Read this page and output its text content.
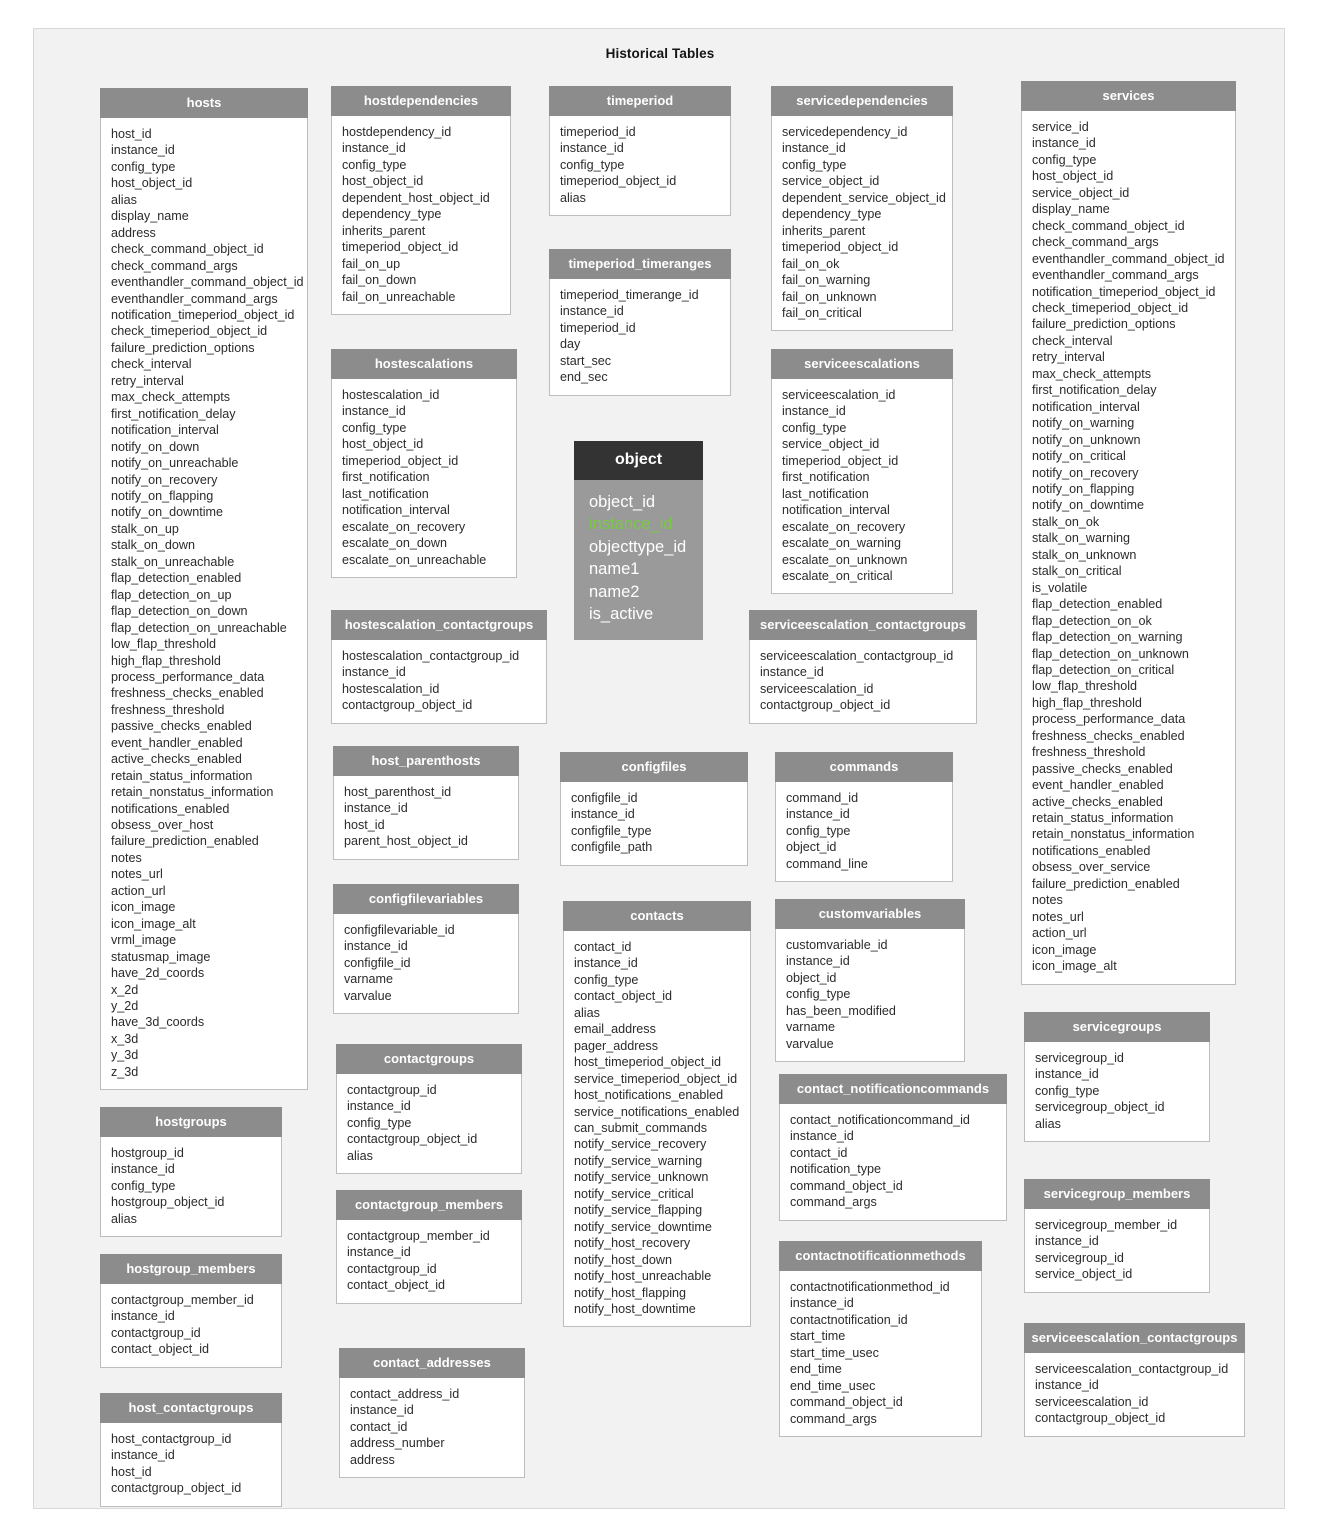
Historical Tables
hosts
host_id
instance_id
config_type
host_object_id
alias
display_name
address
check_command_object_id
check_command_args
eventhandler_command_object_id
eventhandler_command_args
notification_timeperiod_object_id
check_timeperiod_object_id
failure_prediction_options
check_interval
retry_interval
max_check_attempts
first_notification_delay
notification_interval
notify_on_down
notify_on_unreachable
notify_on_recovery
notify_on_flapping
notify_on_downtime
stalk_on_up
stalk_on_down
stalk_on_unreachable
flap_detection_enabled
flap_detection_on_up
flap_detection_on_down
flap_detection_on_unreachable
low_flap_threshold
high_flap_threshold
process_performance_data
freshness_checks_enabled
freshness_threshold
passive_checks_enabled
event_handler_enabled
active_checks_enabled
retain_status_information
retain_nonstatus_information
notifications_enabled
obsess_over_host
failure_prediction_enabled
notes
notes_url
action_url
icon_image
icon_image_alt
vrml_image
statusmap_image
have_2d_coords
x_2d
y_2d
have_3d_coords
x_3d
y_3d
z_3d
hostgroups
hostgroup_id
instance_id
config_type
hostgroup_object_id
alias
hostgroup_members
contactgroup_member_id
instance_id
contactgroup_id
contact_object_id
host_contactgroups
host_contactgroup_id
instance_id
host_id
contactgroup_object_id
hostdependencies
hostdependency_id
instance_id
config_type
host_object_id
dependent_host_object_id
dependency_type
inherits_parent
timeperiod_object_id
fail_on_up
fail_on_down
fail_on_unreachable
hostescalations
hostescalation_id
instance_id
config_type
host_object_id
timeperiod_object_id
first_notification
last_notification
notification_interval
escalate_on_recovery
escalate_on_down
escalate_on_unreachable
hostescalation_contactgroups
hostescalation_contactgroup_id
instance_id
hostescalation_id
contactgroup_object_id
host_parenthosts
host_parenthost_id
instance_id
host_id
parent_host_object_id
configfilevariables
configfilevariable_id
instance_id
configfile_id
varname
varvalue
contactgroups
contactgroup_id
instance_id
config_type
contactgroup_object_id
alias
contactgroup_members
contactgroup_member_id
instance_id
contactgroup_id
contact_object_id
contact_addresses
contact_address_id
instance_id
contact_id
address_number
address
timeperiod
timeperiod_id
instance_id
config_type
timeperiod_object_id
alias
timeperiod_timeranges
timeperiod_timerange_id
instance_id
timeperiod_id
day
start_sec
end_sec
object
object_id
instance_id
objecttype_id
name1
name2
is_active
configfiles
configfile_id
instance_id
configfile_type
configfile_path
contacts
contact_id
instance_id
config_type
contact_object_id
alias
email_address
pager_address
host_timeperiod_object_id
service_timeperiod_object_id
host_notifications_enabled
service_notifications_enabled
can_submit_commands
notify_service_recovery
notify_service_warning
notify_service_unknown
notify_service_critical
notify_service_flapping
notify_service_downtime
notify_host_recovery
notify_host_down
notify_host_unreachable
notify_host_flapping
notify_host_downtime
servicedependencies
servicedependency_id
instance_id
config_type
service_object_id
dependent_service_object_id
dependency_type
inherits_parent
timeperiod_object_id
fail_on_ok
fail_on_warning
fail_on_unknown
fail_on_critical
serviceescalations
serviceescalation_id
instance_id
config_type
service_object_id
timeperiod_object_id
first_notification
last_notification
notification_interval
escalate_on_recovery
escalate_on_warning
escalate_on_unknown
escalate_on_critical
serviceescalation_contactgroups
serviceescalation_contactgroup_id
instance_id
serviceescalation_id
contactgroup_object_id
commands
command_id
instance_id
config_type
object_id
command_line
customvariables
customvariable_id
instance_id
object_id
config_type
has_been_modified
varname
varvalue
contact_notificationcommands
contact_notificationcommand_id
instance_id
contact_id
notification_type
command_object_id
command_args
contactnotificationmethods
contactnotificationmethod_id
instance_id
contactnotification_id
start_time
start_time_usec
end_time
end_time_usec
command_object_id
command_args
services
service_id
instance_id
config_type
host_object_id
service_object_id
display_name
check_command_object_id
check_command_args
eventhandler_command_object_id
eventhandler_command_args
notification_timeperiod_object_id
check_timeperiod_object_id
failure_prediction_options
check_interval
retry_interval
max_check_attempts
first_notification_delay
notification_interval
notify_on_warning
notify_on_unknown
notify_on_critical
notify_on_recovery
notify_on_flapping
notify_on_downtime
stalk_on_ok
stalk_on_warning
stalk_on_unknown
stalk_on_critical
is_volatile
flap_detection_enabled
flap_detection_on_ok
flap_detection_on_warning
flap_detection_on_unknown
flap_detection_on_critical
low_flap_threshold
high_flap_threshold
process_performance_data
freshness_checks_enabled
freshness_threshold
passive_checks_enabled
event_handler_enabled
active_checks_enabled
retain_status_information
retain_nonstatus_information
notifications_enabled
obsess_over_service
failure_prediction_enabled
notes
notes_url
action_url
icon_image
icon_image_alt
servicegroups
servicegroup_id
instance_id
config_type
servicegroup_object_id
alias
servicegroup_members
servicegroup_member_id
instance_id
servicegroup_id
service_object_id
serviceescalation_contactgroups
serviceescalation_contactgroup_id
instance_id
serviceescalation_id
contactgroup_object_id
